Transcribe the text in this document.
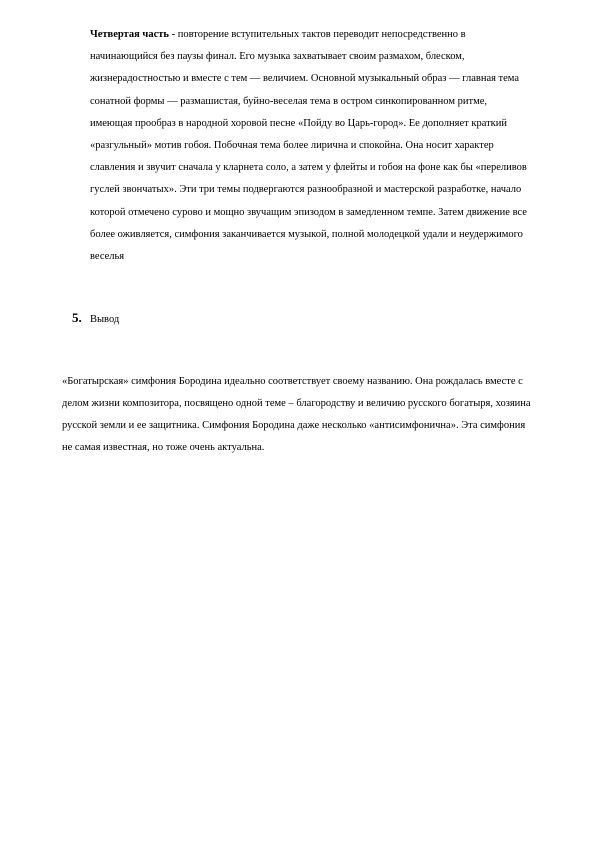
Четвертая часть - повторение вступительных тактов переводит непосредственно в начинающийся без паузы финал. Его музыка захватывает своим размахом, блеском, жизнерадостностью и вместе с тем — величием. Основной музыкальный образ — главная тема сонатной формы — размашистая, буйно-веселая тема в остром синкопированном ритме, имеющая прообраз в народной хоровой песне «Пойду во Царь-город». Ее дополняет краткий «разгульный» мотив гобоя. Побочная тема более лирична и спокойна. Она носит характер славления и звучит сначала у кларнета соло, а затем у флейты и гобоя на фоне как бы «переливов гуслей звончатых». Эти три темы подвергаются разнообразной и мастерской разработке, начало которой отмечено сурово и мощно звучащим эпизодом в замедленном темпе. Затем движение все более оживляется, симфония заканчивается музыкой, полной молодецкой удали и неудержимого веселья

5. Вывод

«Богатырская» симфония Бородина идеально соответствует своему названию. Она рождалась вместе с делом жизни композитора, посвящено одной теме – благородству и величию русского богатыря, хозяина русской земли и ее защитника. Симфония Бородина даже несколько «антисимфонична». Эта симфония не самая известная, но тоже очень актуальна.
